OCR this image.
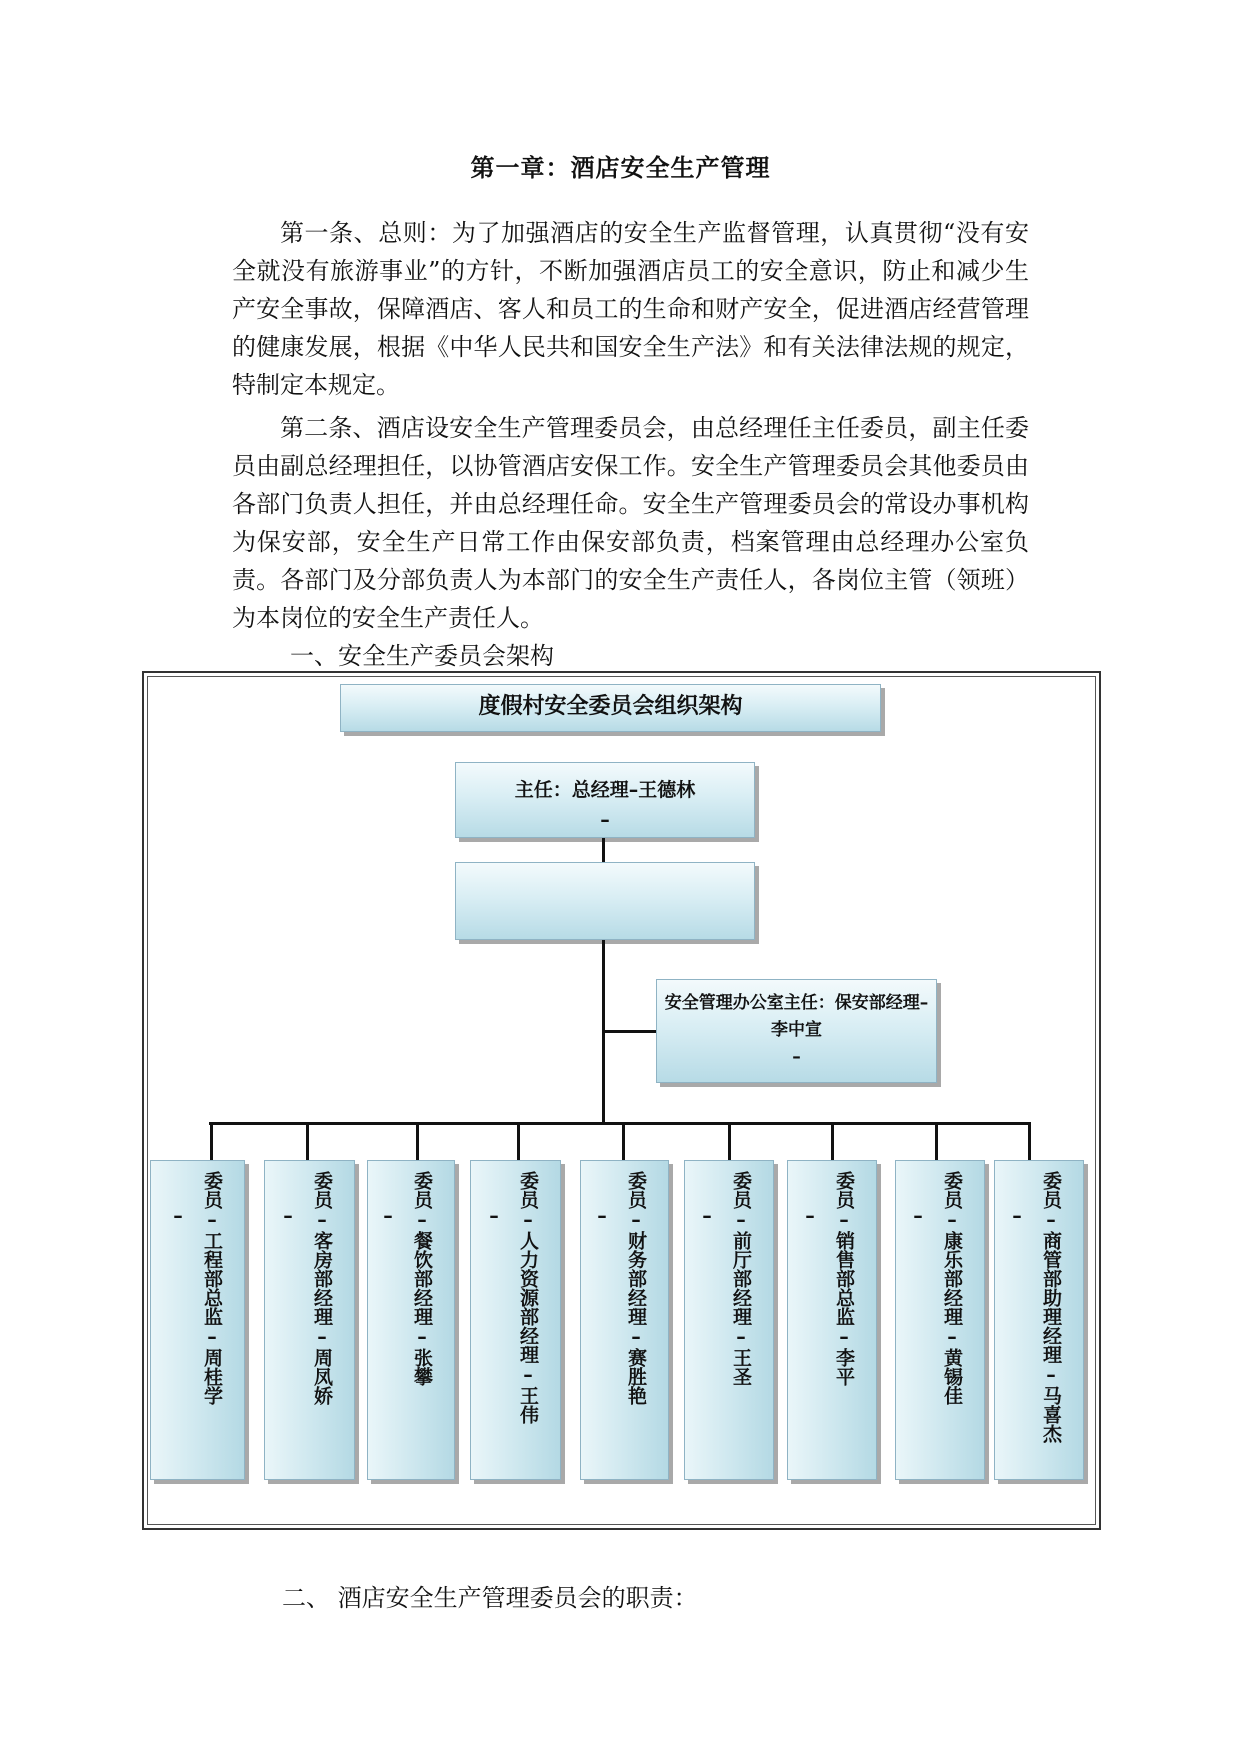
第一章：酒店安全生产管理

第一条、总则：为了加强酒店的安全生产监督管理，认真贯彻“没有安全就没有旅游事业”的方针，不断加强酒店员工的安全意识，防止和减少生产安全事故，保障酒店、客人和员工的生命和财产安全，促进酒店经营管理的健康发展，根据《中华人民共和国安全生产法》和有关法律法规的规定，特制定本规定。

第二条、酒店设安全生产管理委员会，由总经理任主任委员，副主任委员由副总经理担任，以协管酒店安保工作。安全生产管理委员会其他委员由各部门负责人担任，并由总经理任命。安全生产管理委员会的常设办事机构为保安部，安全生产日常工作由保安部负责，档案管理由总经理办公室负责。各部门及分部负责人为本部门的安全生产责任人，各岗位主管（领班）为本岗位的安全生产责任人。

一、安全生产委员会架构
度假村安全委员会组织架构
主任：总经理–王德林
–
安全管理办公室主任：保安部经理–李中宣
–
委员–工程部总监–周桂学
–	委员–客房部经理–周凤娇
–	委员–餐饮部经理–张攀
–	委员–人力资源部经理–王伟
–	委员–财务部经理–赛胜艳
–	委员–前厅部经理–王圣
–	委员–销售部总监–李平
–	委员–康乐部经理–黄锡佳
–	委员–商管部助理经理–马喜杰
–
二、 酒店安全生产管理委员会的职责：
